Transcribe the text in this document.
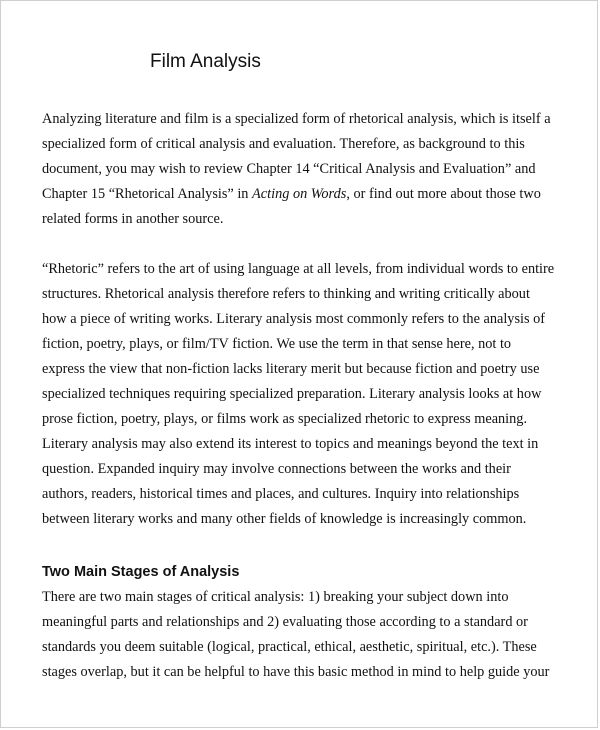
Film Analysis

Analyzing literature and film is a specialized form of rhetorical analysis, which is itself a
specialized form of critical analysis and evaluation. Therefore, as background to this
document, you may wish to review Chapter 14 “Critical Analysis and Evaluation” and
Chapter 15 “Rhetorical Analysis” in Acting on Words, or find out more about those two
related forms in another source.

“Rhetoric” refers to the art of using language at all levels, from individual words to entire
structures. Rhetorical analysis therefore refers to thinking and writing critically about
how a piece of writing works. Literary analysis most commonly refers to the analysis of
fiction, poetry, plays, or film/TV fiction. We use the term in that sense here, not to
express the view that non-fiction lacks literary merit but because fiction and poetry use
specialized techniques requiring specialized preparation. Literary analysis looks at how
prose fiction, poetry, plays, or films work as specialized rhetoric to express meaning.
Literary analysis may also extend its interest to topics and meanings beyond the text in
question. Expanded inquiry may involve connections between the works and their
authors, readers, historical times and places, and cultures. Inquiry into relationships
between literary works and many other fields of knowledge is increasingly common.

Two Main Stages of Analysis

There are two main stages of critical analysis: 1) breaking your subject down into
meaningful parts and relationships and 2) evaluating those according to a standard or
standards you deem suitable (logical, practical, ethical, aesthetic, spiritual, etc.). These
stages overlap, but it can be helpful to have this basic method in mind to help guide your
